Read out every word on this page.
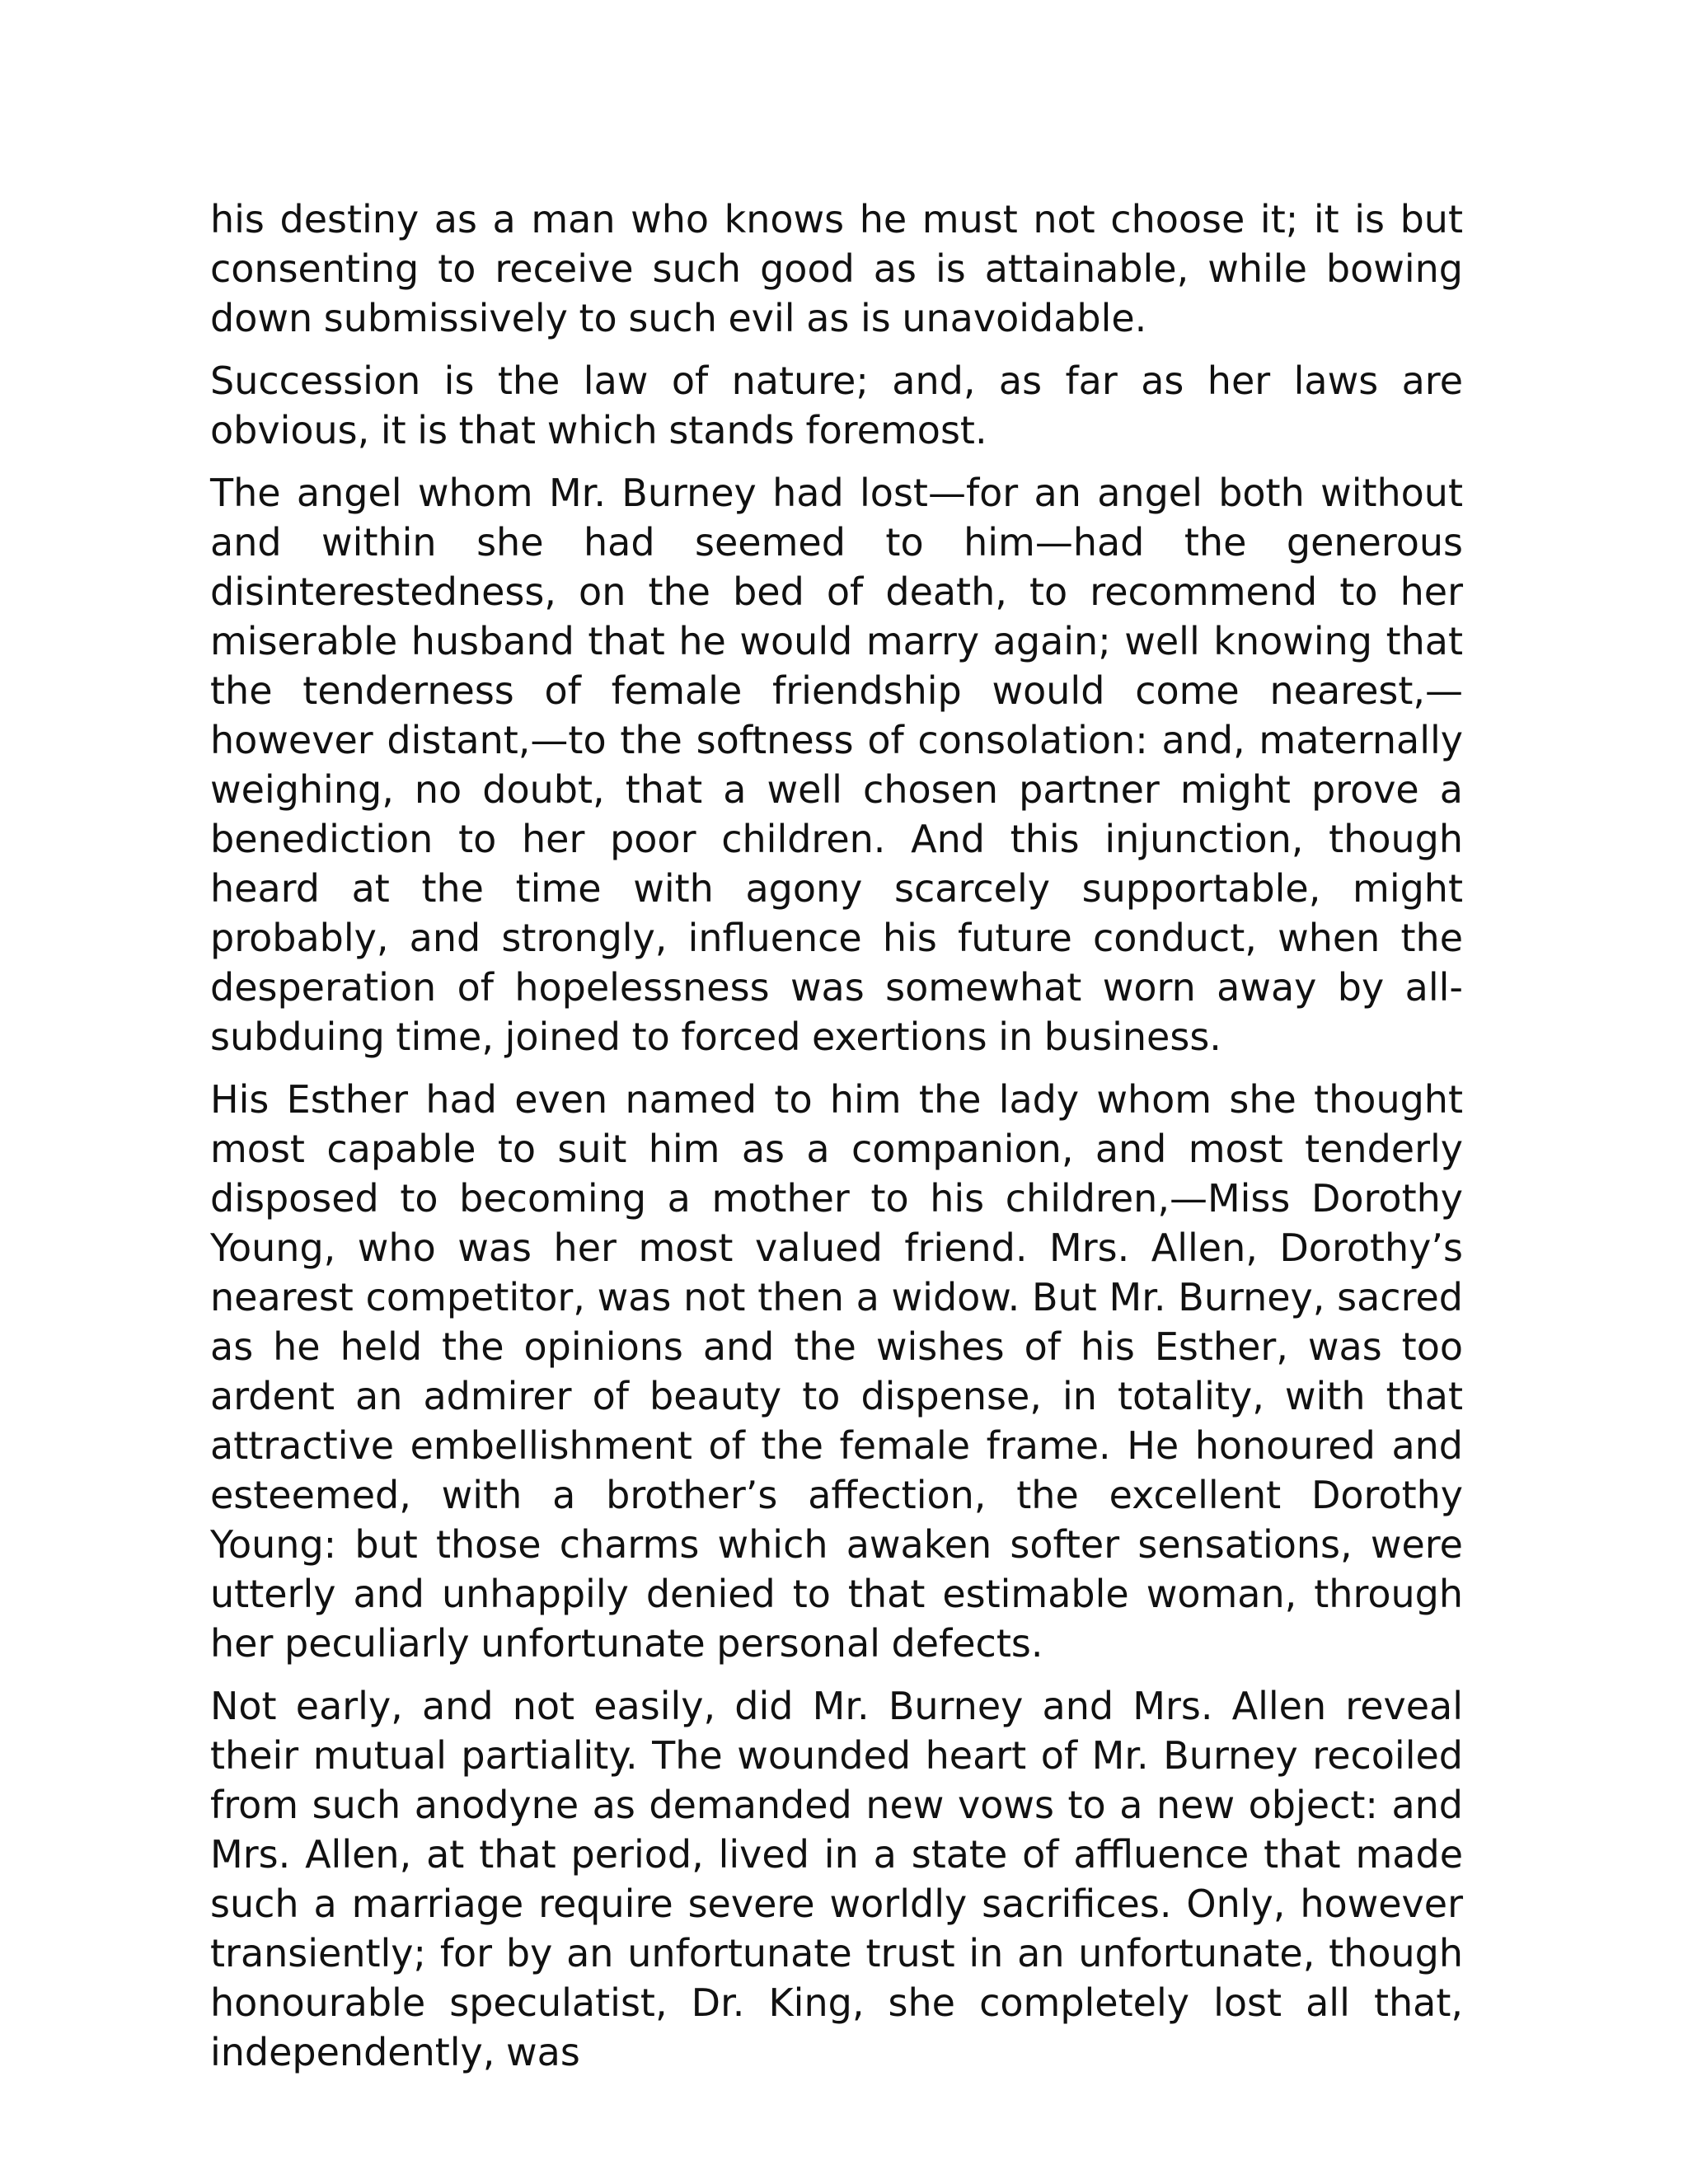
his destiny as a man who knows he must not choose it; it is but consenting to receive such good as is attainable, while bowing down submissively to such evil as is unavoidable.

Succession is the law of nature; and, as far as her laws are obvious, it is that which stands foremost.

The angel whom Mr. Burney had lost—for an angel both without and within she had seemed to him—had the generous disinterestedness, on the bed of death, to recommend to her miserable husband that he would marry again; well knowing that the tenderness of female friendship would come nearest,—however distant,—to the softness of consolation: and, maternally weighing, no doubt, that a well chosen partner might prove a benediction to her poor children. And this injunction, though heard at the time with agony scarcely supportable, might probably, and strongly, influence his future conduct, when the desperation of hopelessness was somewhat worn away by all-subduing time, joined to forced exertions in business.

His Esther had even named to him the lady whom she thought most capable to suit him as a companion, and most tenderly disposed to becoming a mother to his children,—Miss Dorothy Young, who was her most valued friend. Mrs. Allen, Dorothy’s nearest competitor, was not then a widow. But Mr. Burney, sacred as he held the opinions and the wishes of his Esther, was too ardent an admirer of beauty to dispense, in totality, with that attractive embellishment of the female frame. He honoured and esteemed, with a brother’s affection, the excellent Dorothy Young: but those charms which awaken softer sensations, were utterly and unhappily denied to that estimable woman, through her peculiarly unfortunate personal defects.

Not early, and not easily, did Mr. Burney and Mrs. Allen reveal their mutual partiality. The wounded heart of Mr. Burney recoiled from such anodyne as demanded new vows to a new object: and Mrs. Allen, at that period, lived in a state of affluence that made such a marriage require severe worldly sacrifices. Only, however transiently; for by an unfortunate trust in an unfortunate, though honourable speculatist, Dr. King, she completely lost all that, independently, was
